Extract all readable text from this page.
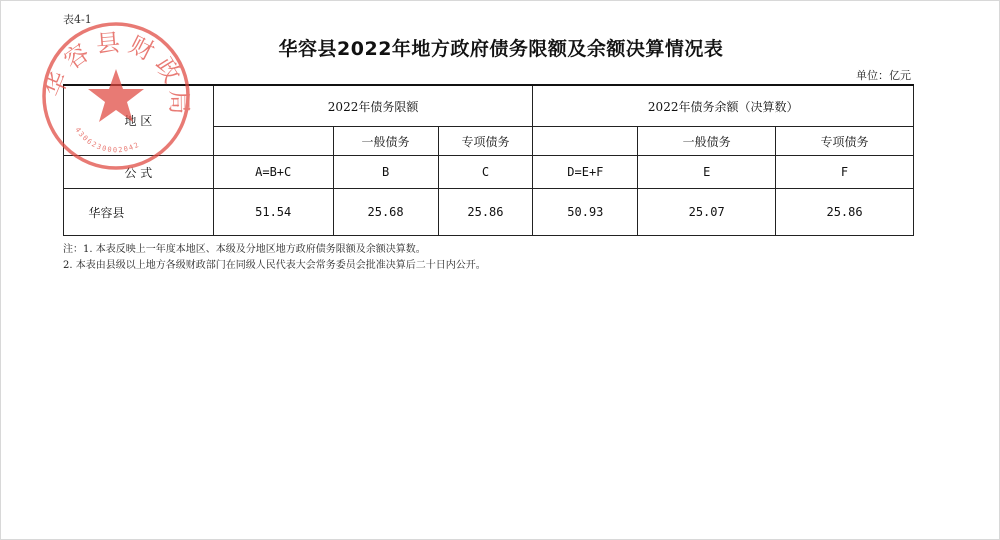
表4-1
华容县2022年地方政府债务限额及余额决算情况表
单位：亿元
地 区	2022年债务限额			2022年债务余额（决算数）		
		一般债务	专项债务		一般债务	专项债务
公 式	A=B+C	B	C	D=E+F	E	F
华容县	51.54	25.68	25.86	50.93	25.07	25.86
注：1. 本表反映上一年度本地区、本级及分地区地方政府债务限额及余额决算数。
2. 本表由县级以上地方各级财政部门在同级人民代表大会常务委员会批准决算后二十日内公开。
华容县财政局
4306230002042
